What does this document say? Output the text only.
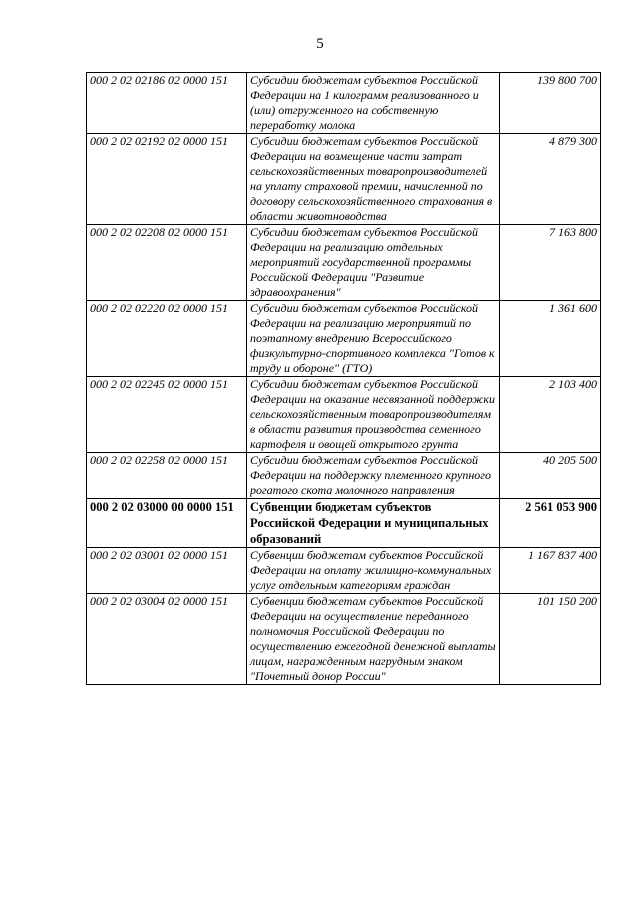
5
000 2 02 02186 02 0000 151	Субсидии бюджетам субъектов Российской Федерации на 1 килограмм реализованного и (или) отгруженного на собственную переработку молока	139 800 700
000 2 02 02192 02 0000 151	Субсидии бюджетам субъектов Российской Федерации на возмещение части затрат сельскохозяйственных товаропроизводителей на уплату страховой премии, начисленной по договору сельскохозяйственного страхования в области животноводства	4 879 300
000 2 02 02208 02 0000 151	Субсидии бюджетам субъектов Российской Федерации на реализацию отдельных мероприятий государственной программы Российской Федерации "Развитие здравоохранения"	7 163 800
000 2 02 02220 02 0000 151	Субсидии бюджетам субъектов Российской Федерации на реализацию мероприятий по поэтапному внедрению Всероссийского физкультурно-спортивного комплекса "Готов к труду и обороне" (ГТО)	1 361 600
000 2 02 02245 02 0000 151	Субсидии бюджетам субъектов Российской Федерации на оказание несвязанной поддержки сельскохозяйственным товаропроизводителям в области развития производства семенного картофеля и овощей открытого грунта	2 103 400
000 2 02 02258 02 0000 151	Субсидии бюджетам субъектов Российской Федерации на поддержку племенного крупного рогатого скота молочного направления	40 205 500
000 2 02 03000 00 0000 151	Субвенции бюджетам субъектов Российской Федерации и муниципальных образований	2 561 053 900
000 2 02 03001 02 0000 151	Субвенции бюджетам субъектов Российской Федерации на оплату жилищно-коммунальных услуг отдельным категориям граждан	1 167 837 400
000 2 02 03004 02 0000 151	Субвенции бюджетам субъектов Российской Федерации на осуществление переданного полномочия Российской Федерации по осуществлению ежегодной денежной выплаты лицам, награжденным нагрудным знаком "Почетный донор России"	101 150 200
